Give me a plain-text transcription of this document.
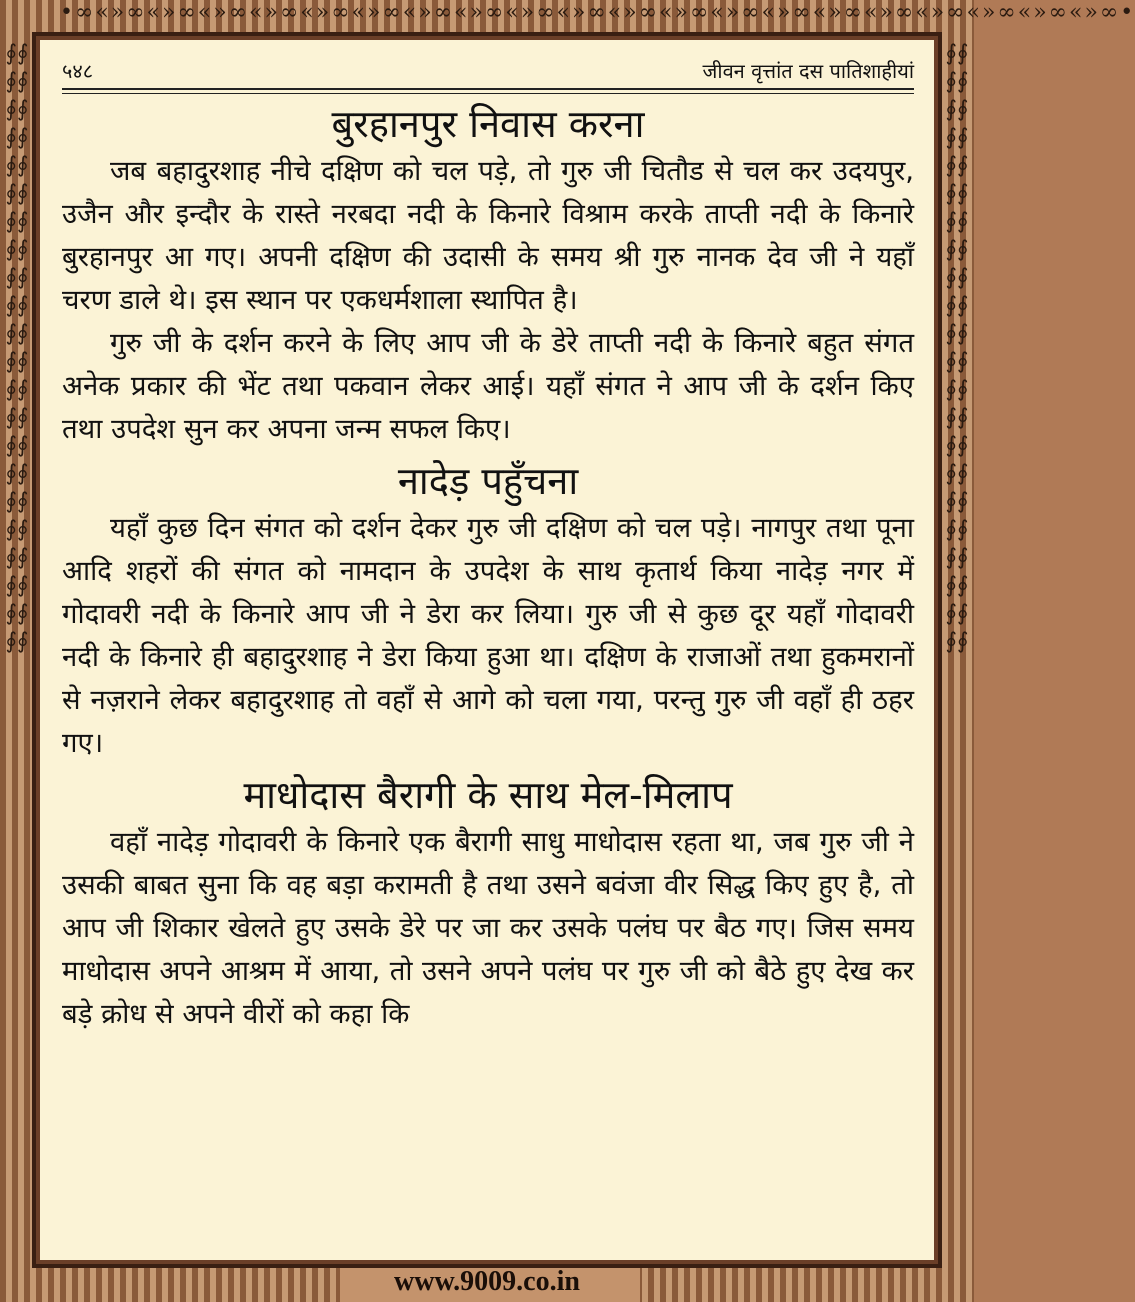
•∞«»∞«»∞«»∞«»∞«»∞«»∞«»∞«»∞«»∞«»∞«»∞«»∞«»∞«»∞«»∞«»∞«»∞«»∞«»∞«»∞•
∮∮∮∮∮∮∮∮∮∮∮∮∮∮∮∮∮∮∮∮∮∮∮∮∮∮∮∮∮∮∮∮∮∮∮∮∮∮∮∮∮∮∮∮
∮∮∮∮∮∮∮∮∮∮∮∮∮∮∮∮∮∮∮∮∮∮∮∮∮∮∮∮∮∮∮∮∮∮∮∮∮∮∮∮∮∮∮∮
५४८	जीवन वृत्तांत दस पातिशाहीयां
बुरहानपुर निवास करना

जब बहादुरशाह नीचे दक्षिण को चल पड़े, तो गुरु जी चितौड से चल कर उदयपुर, उजैन और इन्दौर के रास्ते नरबदा नदी के किनारे विश्राम करके ताप्ती नदी के किनारे बुरहानपुर आ गए। अपनी दक्षिण की उदासी के समय श्री गुरु नानक देव जी ने यहाँ चरण डाले थे। इस स्थान पर एकधर्मशाला स्थापित है।

गुरु जी के दर्शन करने के लिए आप जी के डेरे ताप्ती नदी के किनारे बहुत संगत अनेक प्रकार की भेंट तथा पकवान लेकर आई। यहाँ संगत ने आप जी के दर्शन किए तथा उपदेश सुन कर अपना जन्म सफल किए।

नादेड़ पहुँचना

यहाँ कुछ दिन संगत को दर्शन देकर गुरु जी दक्षिण को चल पड़े। नागपुर तथा पूना आदि शहरों की संगत को नामदान के उपदेश के साथ कृतार्थ किया नादेड़ नगर में गोदावरी नदी के किनारे आप जी ने डेरा कर लिया। गुरु जी से कुछ दूर यहाँ गोदावरी नदी के किनारे ही बहादुरशाह ने डेरा किया हुआ था। दक्षिण के राजाओं तथा हुकमरानों से नज़राने लेकर बहादुरशाह तो वहाँ से आगे को चला गया, परन्तु गुरु जी वहाँ ही ठहर गए।

माधोदास बैरागी के साथ मेल-मिलाप

वहाँ नादेड़ गोदावरी के किनारे एक बैरागी साधु माधोदास रहता था, जब गुरु जी ने उसकी बाबत सुना कि वह बड़ा करामती है तथा उसने बवंजा वीर सिद्ध किए हुए है, तो आप जी शिकार खेलते हुए उसके डेरे पर जा कर उसके पलंघ पर बैठ गए। जिस समय माधोदास अपने आश्रम में आया, तो उसने अपने पलंघ पर गुरु जी को बैठे हुए देख कर बड़े क्रोध से अपने वीरों को कहा कि

www.9009.co.in
